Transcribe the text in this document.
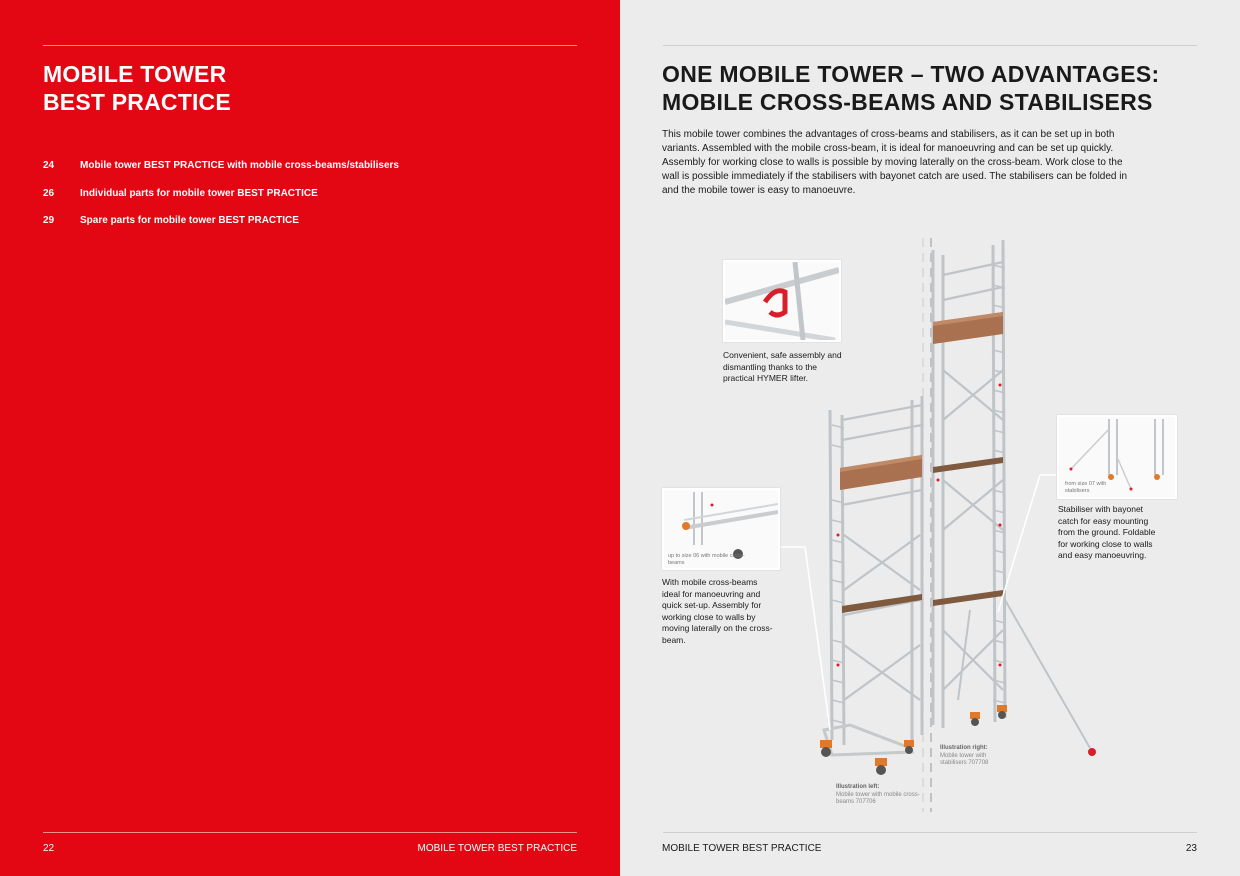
MOBILE TOWER
BEST PRACTICE
24	Mobile tower BEST PRACTICE with mobile cross-beams/stabilisers
26	Individual parts for mobile tower BEST PRACTICE
29	Spare parts for mobile tower BEST PRACTICE
22	MOBILE TOWER BEST PRACTICE
ONE MOBILE TOWER – TWO ADVANTAGES:
MOBILE CROSS-BEAMS AND STABILISERS
This mobile tower combines the advantages of cross-beams and stabilisers, as it can be set up in both variants. Assembled with the mobile cross-beam, it is ideal for manoeuvring and can be set up quickly. Assembly for working close to walls is possible by moving laterally on the cross-beam. Work close to the wall is possible immediately if the stabilisers with bayonet catch are used. The stabilisers can be folded in and the mobile tower is easy to manoeuvre.
Convenient, safe assembly and dismantling thanks to the practical HYMER lifter.
up to size 06 with mobile cross-beams
With mobile cross-beams ideal for manoeuvring and quick set-up. Assembly for working close to walls by moving laterally on the cross-beam.
from size 07 with stabilisers
Stabiliser with bayonet catch for easy mounting from the ground. Foldable for working close to walls and easy manoeuvring.
Illustration left:
Mobile tower with mobile cross-beams 707706
Illustration right:
Mobile tower with stabilisers 707708
MOBILE TOWER BEST PRACTICE	23
